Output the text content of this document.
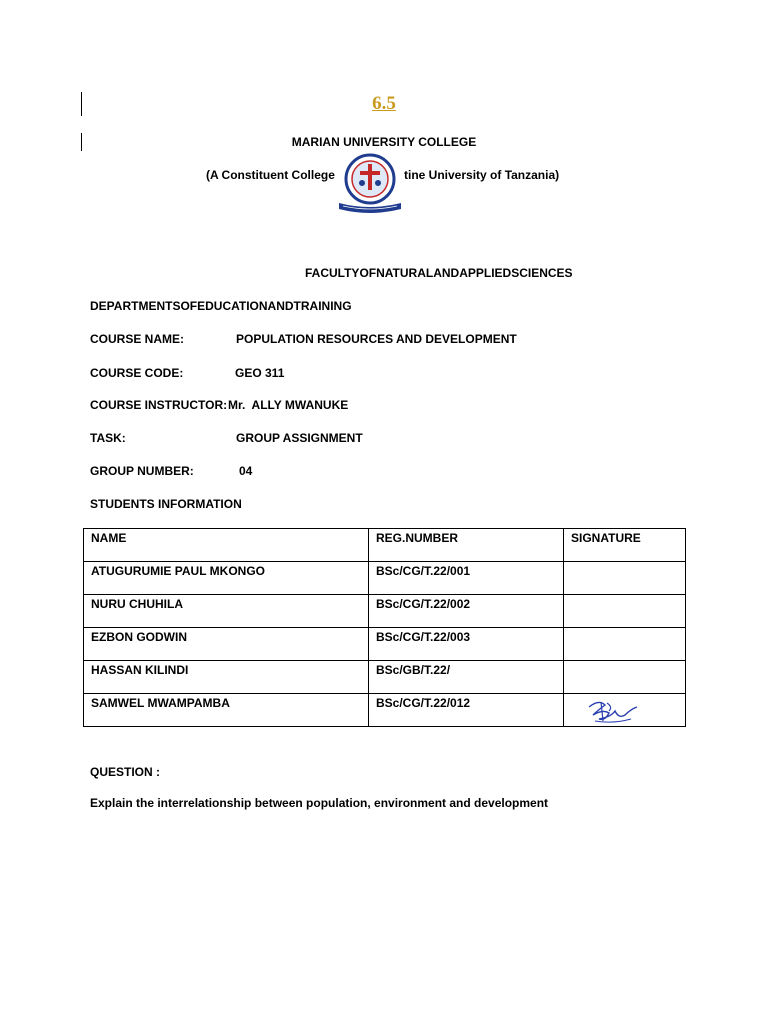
6.5
MARIAN UNIVERSITY COLLEGE
(A Constituent College	tine University of Tanzania)
FACULTYOFNATURALANDAPPLIEDSCIENCES
DEPARTMENTSOFEDUCATIONANDTRAINING
COURSE NAME:	POPULATION RESOURCES AND DEVELOPMENT
COURSE CODE:	GEO 311
COURSE INSTRUCTOR: Mr.  ALLY MWANUKE
TASK:	GROUP ASSIGNMENT
GROUP NUMBER:	04
STUDENTS INFORMATION
NAME	REG.NUMBER	SIGNATURE

ATUGURUMIE PAUL MKONGO	BSc/CG/T.22/001	

NURU CHUHILA	BSc/CG/T.22/002	

EZBON GODWIN	BSc/CG/T.22/003	

HASSAN KILINDI	BSc/GB/T.22/	

SAMWEL MWAMPAMBA	BSc/CG/T.22/012

QUESTION :
Explain the interrelationship between population, environment and development
